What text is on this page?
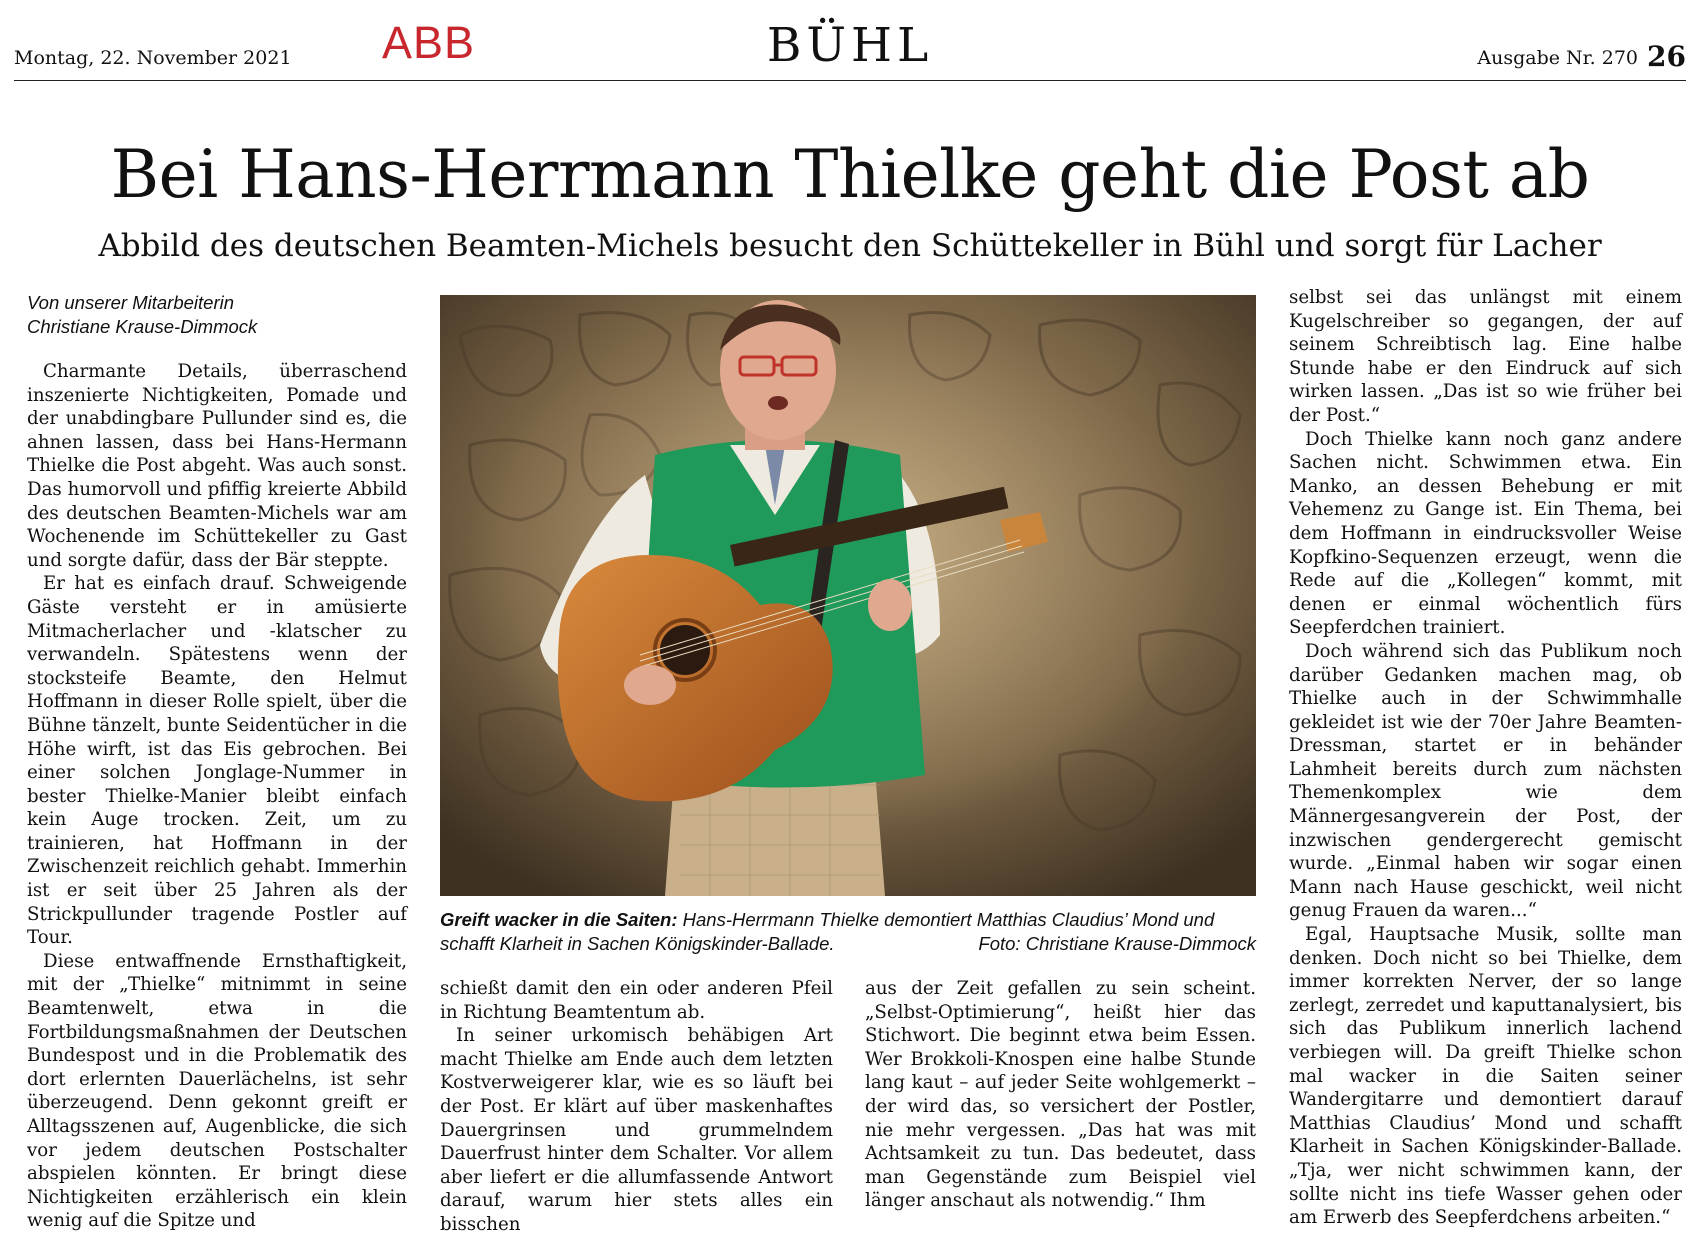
Montag, 22. November 2021 ABB	BÜHL	Ausgabe Nr. 270 26
Bei Hans-Herrmann Thielke geht die Post ab
Abbild des deutschen Beamten-Michels besucht den Schüttekeller in Bühl und sorgt für Lacher
Von unserer Mitarbeiterin
Christiane Krause-Dimmock

Charmante Details, überraschend inszenierte Nichtigkeiten, Pomade und der unabdingbare Pullunder sind es, die ahnen lassen, dass bei Hans-Hermann Thielke die Post abgeht. Was auch sonst. Das humorvoll und pfiffig kreierte Abbild des deutschen Beamten-Michels war am Wochenende im Schüttekeller zu Gast und sorgte dafür, dass der Bär steppte.

Er hat es einfach drauf. Schweigende Gäste versteht er in amüsierte Mitmacherlacher und -klatscher zu verwandeln. Spätestens wenn der stocksteife Beamte, den Helmut Hoffmann in dieser Rolle spielt, über die Bühne tänzelt, bunte Seidentücher in die Höhe wirft, ist das Eis gebrochen. Bei einer solchen Jonglage-Nummer in bester Thielke-Manier bleibt einfach kein Auge trocken. Zeit, um zu trainieren, hat Hoffmann in der Zwischenzeit reichlich gehabt. Immerhin ist er seit über 25 Jahren als der Strickpullunder tragende Postler auf Tour.

Diese entwaffnende Ernsthaftigkeit, mit der „Thielke“ mitnimmt in seine Beamtenwelt, etwa in die Fortbildungsmaßnahmen der Deutschen Bundespost und in die Problematik des dort erlernten Dauerlächelns, ist sehr überzeugend. Denn gekonnt greift er Alltagsszenen auf, Augenblicke, die sich vor jedem deutschen Postschalter abspielen könnten. Er bringt diese Nichtigkeiten erzählerisch ein klein wenig auf die Spitze und

Greift wacker in die Saiten: Hans-Herrmann Thielke demontiert Matthias Claudius’ Mond und schafft Klarheit in Sachen Königskinder-Ballade.	Foto: Christiane Krause-Dimmock

schießt damit den ein oder anderen Pfeil in Richtung Beamtentum ab.

In seiner urkomisch behäbigen Art macht Thielke am Ende auch dem letzten Kostverweigerer klar, wie es so läuft bei der Post. Er klärt auf über maskenhaftes Dauergrinsen und grummelndem Dauerfrust hinter dem Schalter. Vor allem aber liefert er die allumfassende Antwort darauf, warum hier stets alles ein bisschen

aus der Zeit gefallen zu sein scheint. „Selbst-Optimierung“, heißt hier das Stichwort. Die beginnt etwa beim Essen. Wer Brokkoli-Knospen eine halbe Stunde lang kaut – auf jeder Seite wohlgemerkt – der wird das, so versichert der Postler, nie mehr vergessen. „Das hat was mit Achtsamkeit zu tun. Das bedeutet, dass man Gegenstände zum Beispiel viel länger anschaut als notwendig.“ Ihm

selbst sei das unlängst mit einem Kugelschreiber so gegangen, der auf seinem Schreibtisch lag. Eine halbe Stunde habe er den Eindruck auf sich wirken lassen. „Das ist so wie früher bei der Post.“

Doch Thielke kann noch ganz andere Sachen nicht. Schwimmen etwa. Ein Manko, an dessen Behebung er mit Vehemenz zu Gange ist. Ein Thema, bei dem Hoffmann in eindrucksvoller Weise Kopfkino-Sequenzen erzeugt, wenn die Rede auf die „Kollegen“ kommt, mit denen er einmal wöchentlich fürs Seepferdchen trainiert.

Doch während sich das Publikum noch darüber Gedanken machen mag, ob Thielke auch in der Schwimmhalle gekleidet ist wie der 70er Jahre Beamten-Dressman, startet er in behänder Lahmheit bereits durch zum nächsten Themenkomplex wie dem Männergesangverein der Post, der inzwischen gendergerecht gemischt wurde. „Einmal haben wir sogar einen Mann nach Hause geschickt, weil nicht genug Frauen da waren...“

Egal, Hauptsache Musik, sollte man denken. Doch nicht so bei Thielke, dem immer korrekten Nerver, der so lange zerlegt, zerredet und kaputtanalysiert, bis sich das Publikum innerlich lachend verbiegen will. Da greift Thielke schon mal wacker in die Saiten seiner Wandergitarre und demontiert darauf Matthias Claudius’ Mond und schafft Klarheit in Sachen Königskinder-Ballade. „Tja, wer nicht schwimmen kann, der sollte nicht ins tiefe Wasser gehen oder am Erwerb des Seepferdchens arbeiten.“
